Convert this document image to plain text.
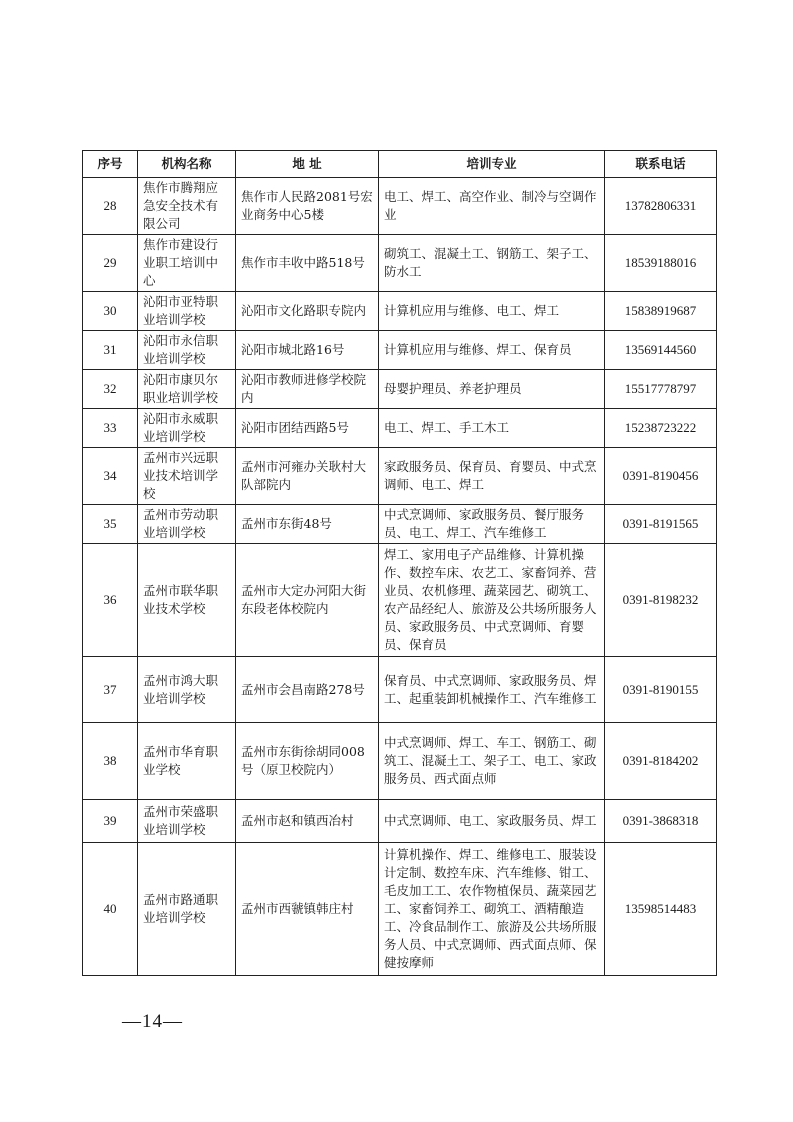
序号	机构名称	地 址	培训专业	联系电话
28	焦作市腾翔应急安全技术有限公司	焦作市人民路2081号宏业商务中心5楼	电工、焊工、高空作业、制冷与空调作业	13782806331
29	焦作市建设行业职工培训中心	焦作市丰收中路518号	砌筑工、混凝土工、钢筋工、架子工、防水工	18539188016
30	沁阳市亚特职业培训学校	沁阳市文化路职专院内	计算机应用与维修、电工、焊工	15838919687
31	沁阳市永信职业培训学校	沁阳市城北路16号	计算机应用与维修、焊工、保育员	13569144560
32	沁阳市康贝尔职业培训学校	沁阳市教师进修学校院内	母婴护理员、养老护理员	15517778797
33	沁阳市永威职业培训学校	沁阳市团结西路5号	电工、焊工、手工木工	15238723222
34	孟州市兴远职业技术培训学校	孟州市河雍办关耿村大队部院内	家政服务员、保育员、育婴员、中式烹调师、电工、焊工	0391-8190456
35	孟州市劳动职业培训学校	孟州市东街48号	中式烹调师、家政服务员、餐厅服务员、电工、焊工、汽车维修工	0391-8191565
36	孟州市联华职业技术学校	孟州市大定办河阳大街东段老体校院内	焊工、家用电子产品维修、计算机操作、数控车床、农艺工、家畜饲养、营业员、农机修理、蔬菜园艺、砌筑工、农产品经纪人、旅游及公共场所服务人员、家政服务员、中式烹调师、育婴员、保育员	0391-8198232
37	孟州市鸿大职业培训学校	孟州市会昌南路278号	保育员、中式烹调师、家政服务员、焊工、起重装卸机械操作工、汽车维修工	0391-8190155
38	孟州市华育职业学校	孟州市东街徐胡同008号（原卫校院内）	中式烹调师、焊工、车工、钢筋工、砌筑工、混凝土工、架子工、电工、家政服务员、西式面点师	0391-8184202
39	孟州市荣盛职业培训学校	孟州市赵和镇西冶村	中式烹调师、电工、家政服务员、焊工	0391-3868318
40	孟州市路通职业培训学校	孟州市西虢镇韩庄村	计算机操作、焊工、维修电工、服装设计定制、数控车床、汽车维修、钳工、毛皮加工工、农作物植保员、蔬菜园艺工、家畜饲养工、砌筑工、酒精酿造工、冷食品制作工、旅游及公共场所服务人员、中式烹调师、西式面点师、保健按摩师	13598514483
—14—
